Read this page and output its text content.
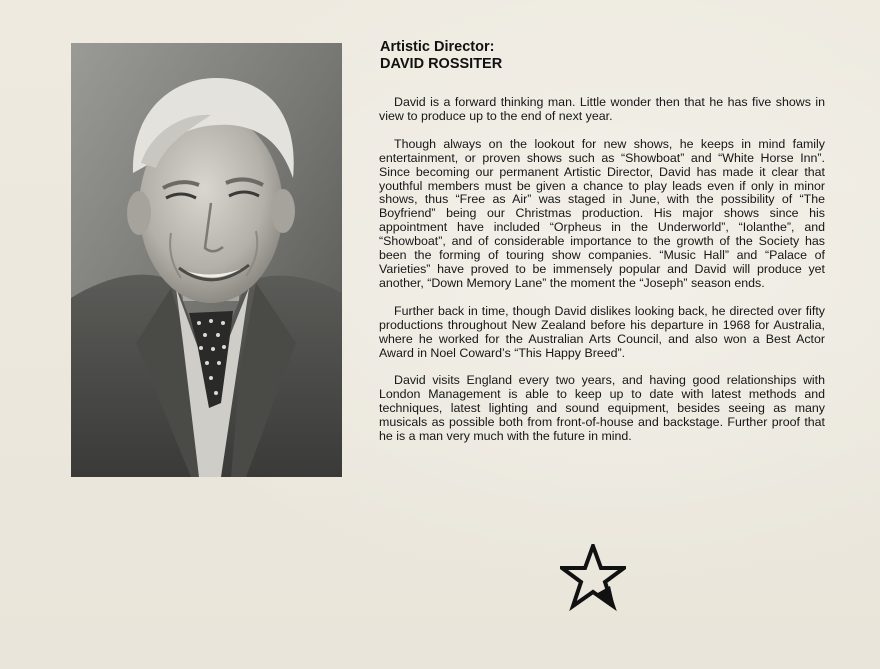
Artistic Director:
DAVID ROSSITER

David is a forward thinking man. Little wonder then that he has five shows in view to produce up to the end of next year.

Though always on the lookout for new shows, he keeps in mind family entertainment, or proven shows such as “Showboat” and “White Horse Inn”. Since becoming our permanent Artistic Director, David has made it clear that youthful members must be given a chance to play leads even if only in minor shows, thus “Free as Air” was staged in June, with the possibility of “The Boyfriend” being our Christmas production. His major shows since his appointment have included “Orpheus in the Underworld”, “Iolanthe”, and “Showboat”, and of considerable importance to the growth of the Society has been the forming of touring show companies. “Music Hall” and “Palace of Varieties” have proved to be immensely popular and David will produce yet another, “Down Memory Lane” the moment the “Joseph” season ends.

Further back in time, though David dislikes looking back, he directed over fifty productions throughout New Zealand before his departure in 1968 for Australia, where he worked for the Australian Arts Council, and also won a Best Actor Award in Noel Coward’s “This Happy Breed”.

David visits England every two years, and having good relationships with London Management is able to keep up to date with latest methods and techniques, latest lighting and sound equipment, besides seeing as many musicals as possible both from front-of-house and backstage. Further proof that he is a man very much with the future in mind.
